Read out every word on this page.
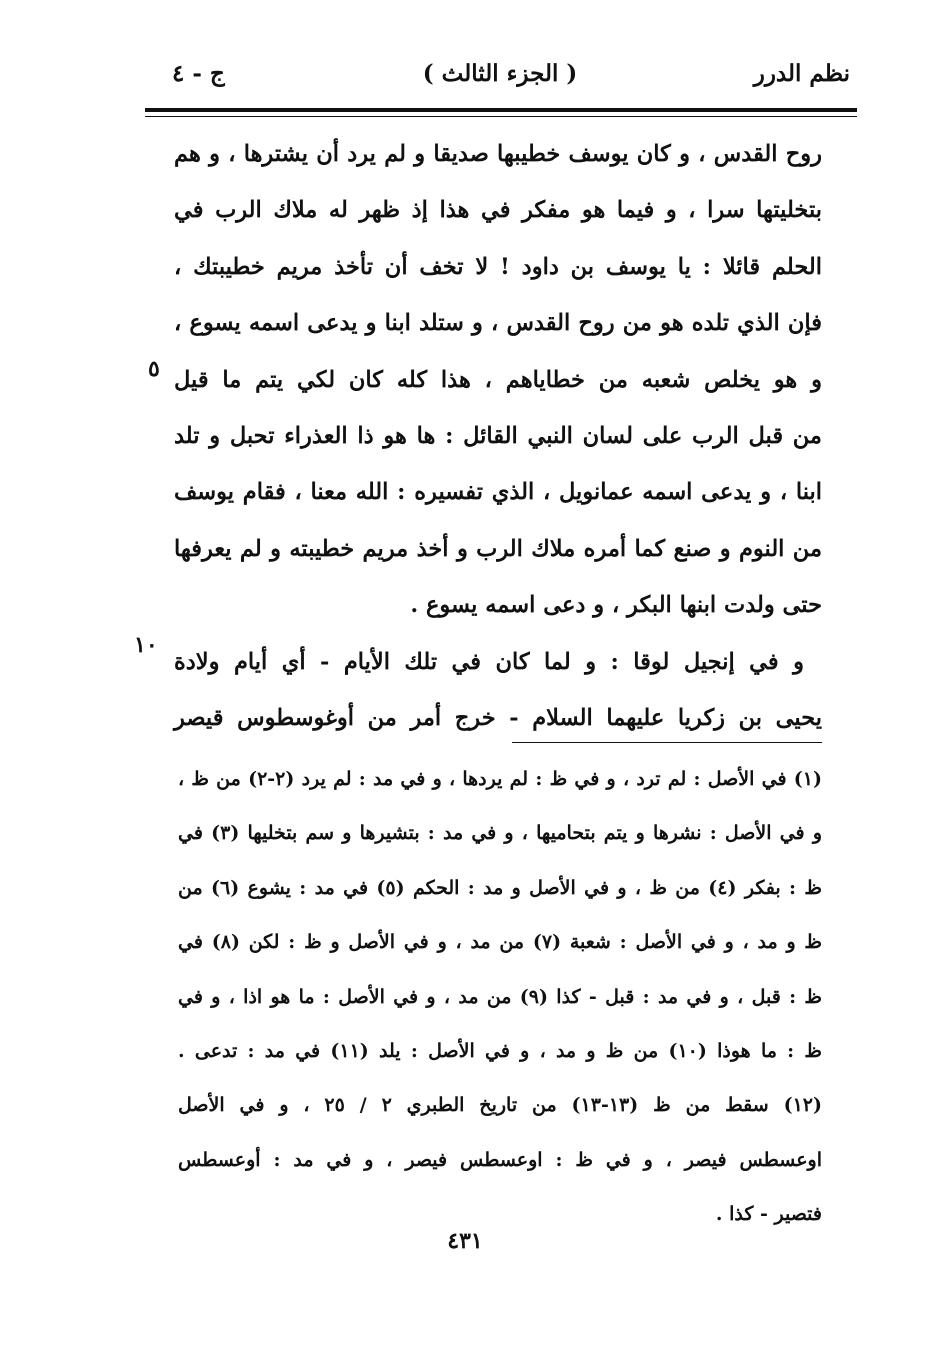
نظم الدرر
( الجزء الثالث )
ج - ٤
روح القدس ، و كان يوسف خطيبها صديقا و لم يرد أن يشترها ، و هم
بتخليتها سرا ، و فيما هو مفكر في هذا إذ ظهر له ملاك الرب في
الحلم قائلا : يا يوسف بن داود ! لا تخف أن تأخذ مريم خطيبتك ،
فإن الذي تلده هو من روح القدس ، و ستلد ابنا و يدعى اسمه يسوع ،
و هو يخلص شعبه من خطاياهم ، هذا كله كان لكي يتم ما قيل
من قبل الرب على لسان النبي القائل : ها هو ذا العذراء تحبل و تلد
ابنا ، و يدعى اسمه عمانويل ، الذي تفسيره : الله معنا ، فقام يوسف
من النوم و صنع كما أمره ملاك الرب و أخذ مريم خطيبته و لم يعرفها
حتى ولدت ابنها البكر ، و دعى اسمه يسوع .
و في إنجيل لوقا : و لما كان في تلك الأيام - أي أيام ولادة
يحيى بن زكريا عليهما السلام - خرج أمر من أوغوسطوس قيصر
٥
١٠
(١) في الأصل : لم ترد ، و في ظ : لم يردها ، و في مد : لم يرد (٢-٢) من ظ ،
و في الأصل : نشرها و يتم بتحاميها ، و في مد : بتشيرها و سم بتخليها (٣) في
ظ : بفكر (٤) من ظ ، و في الأصل و مد : الحكم (٥) في مد : يشوع (٦) من
ظ و مد ، و في الأصل : شعبة (٧) من مد ، و في الأصل و ظ : لكن (٨) في
ظ : قبل ، و في مد : قبل - كذا (٩) من مد ، و في الأصل : ما هو اذا ، و في
ظ : ما هوذا (١٠) من ظ و مد ، و في الأصل : يلد (١١) في مد : تدعى .
(١٢) سقط من ظ (١٣-١٣) من تاريخ الطبري ٢ / ٢٥ ، و في الأصل
اوعسطس فيصر ، و في ظ : اوعسطس فيصر ، و في مد : أوعسطس
فتصير - كذا .
٤٣١
